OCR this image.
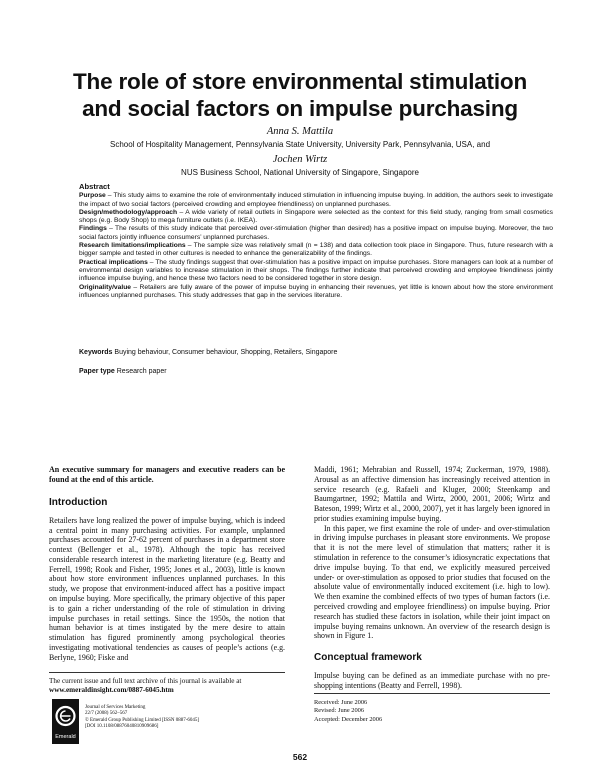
The role of store environmental stimulation
and social factors on impulse purchasing
Anna S. Mattila
School of Hospitality Management, Pennsylvania State University, University Park, Pennsylvania, USA, and
Jochen Wirtz
NUS Business School, National University of Singapore, Singapore
Abstract

Purpose – This study aims to examine the role of environmentally induced stimulation in influencing impulse buying. In addition, the authors seek to investigate the impact of two social factors (perceived crowding and employee friendliness) on unplanned purchases.

Design/methodology/approach – A wide variety of retail outlets in Singapore were selected as the context for this field study, ranging from small cosmetics shops (e.g. Body Shop) to mega furniture outlets (i.e. IKEA).

Findings – The results of this study indicate that perceived over-stimulation (higher than desired) has a positive impact on impulse buying. Moreover, the two social factors jointly influence consumers’ unplanned purchases.

Research limitations/implications – The sample size was relatively small (n = 138) and data collection took place in Singapore. Thus, future research with a bigger sample and tested in other cultures is needed to enhance the generalizability of the findings.

Practical implications – The study findings suggest that over-stimulation has a positive impact on impulse purchases. Store managers can look at a number of environmental design variables to increase stimulation in their shops. The findings further indicate that perceived crowding and employee friendliness jointly influence impulse buying, and hence these two factors need to be considered together in store design.

Originality/value – Retailers are fully aware of the power of impulse buying in enhancing their revenues, yet little is known about how the store environment influences unplanned purchases. This study addresses that gap in the services literature.

Keywords Buying behaviour, Consumer behaviour, Shopping, Retailers, Singapore
Paper type Research paper

An executive summary for managers and executive readers can be found at the end of this article.

Introduction

Retailers have long realized the power of impulse buying, which is indeed a central point in many purchasing activities. For example, unplanned purchases accounted for 27-62 percent of purchases in a department store context (Bellenger et al., 1978). Although the topic has received considerable research interest in the marketing literature (e.g. Beatty and Ferrell, 1998; Rook and Fisher, 1995; Jones et al., 2003), little is known about how store environment influences unplanned purchases. In this study, we propose that environment-induced affect has a positive impact on impulse buying. More specifically, the primary objective of this paper is to gain a richer understanding of the role of stimulation in driving impulse purchases in retail settings. Since the 1950s, the notion that human behavior is at times instigated by the mere desire to attain stimulation has figured prominently among psychological theories investigating motivational tendencies as causes of people’s actions (e.g. Berlyne, 1960; Fiske and

Maddi, 1961; Mehrabian and Russell, 1974; Zuckerman, 1979, 1988). Arousal as an affective dimension has increasingly received attention in service research (e.g. Rafaeli and Kluger, 2000; Steenkamp and Baumgartner, 1992; Mattila and Wirtz, 2000, 2001, 2006; Wirtz and Bateson, 1999; Wirtz et al., 2000, 2007), yet it has largely been ignored in prior studies examining impulse buying.

In this paper, we first examine the role of under- and over-stimulation in driving impulse purchases in pleasant store environments. We propose that it is not the mere level of stimulation that matters; rather it is stimulation in reference to the consumer’s idiosyncratic expectations that drive impulse buying. To that end, we explicitly measured perceived under- or over-stimulation as opposed to prior studies that focused on the absolute value of environmentally induced excitement (i.e. high to low). We then examine the combined effects of two types of human factors (i.e. perceived crowding and employee friendliness) on impulse buying. Prior research has studied these factors in isolation, while their joint impact on impulse buying remains unknown. An overview of the research design is shown in Figure 1.

Conceptual framework

Impulse buying can be defined as an immediate purchase with no pre-shopping intentions (Beatty and Ferrell, 1998).

The current issue and full text archive of this journal is available at
www.emeraldinsight.com/0887-6045.htm
Emerald
Journal of Services Marketing
22/7 (2008) 562–567
© Emerald Group Publishing Limited [ISSN 0887-6045]
[DOI 10.1108/08876040810909686]
Received: June 2006
Revised: June 2006
Accepted: December 2006
562
